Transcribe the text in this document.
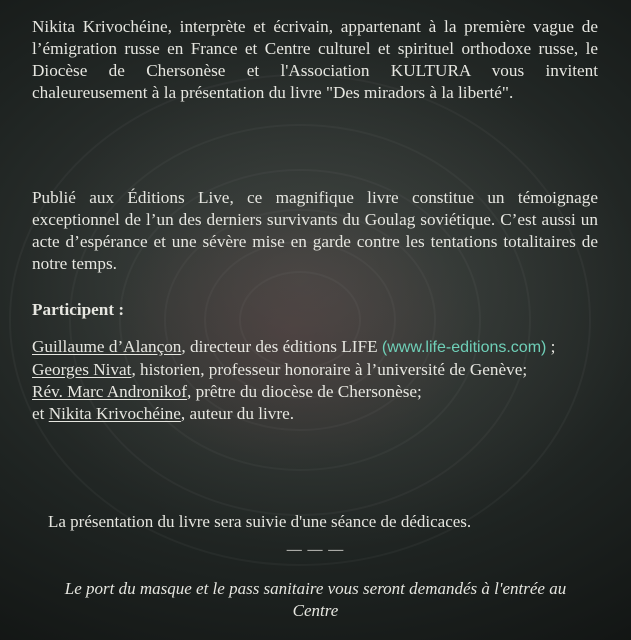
Nikita Krivochéine, interprète et écrivain, appartenant à la première vague de l’émigration russe en France et Centre culturel et spirituel orthodoxe russe, le Diocèse de Chersonèse et l'Association KULTURA vous invitent chaleureusement à la présentation du livre "Des miradors à la liberté".

Publié aux Éditions Live, ce magnifique livre constitue un témoignage exceptionnel de l’un des derniers survivants du Goulag soviétique. C’est aussi un acte d’espérance et une sévère mise en garde contre les tentations totalitaires de notre temps.

Participent :

Guillaume d’Alançon, directeur des éditions LIFE (www.life-editions.com) ;
Georges Nivat, historien, professeur honoraire à l’université de Genève;
Rév. Marc Andronikof, prêtre du diocèse de Chersonèse;
et Nikita Krivochéine, auteur du livre.

La présentation du livre sera suivie d'une séance de dédicaces.

— — —

Le port du masque et le pass sanitaire vous seront demandés à l'entrée au Centre
